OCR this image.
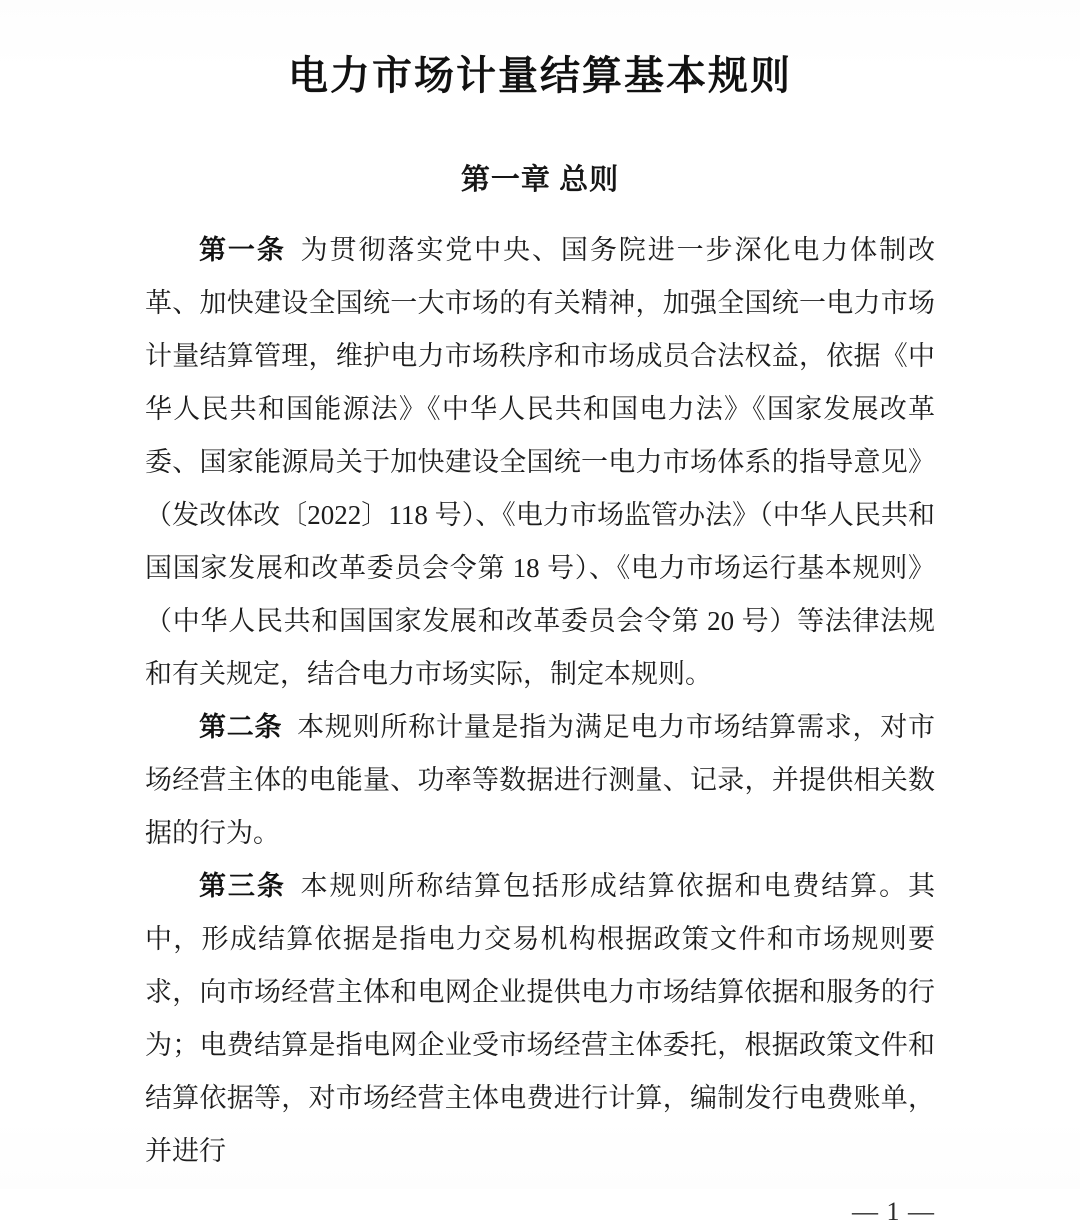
电力市场计量结算基本规则
第一章 总则

第一条 为贯彻落实党中央、国务院进一步深化电力体制改革、加快建设全国统一大市场的有关精神，加强全国统一电力市场计量结算管理，维护电力市场秩序和市场成员合法权益，依据《中华人民共和国能源法》《中华人民共和国电力法》《国家发展改革委、国家能源局关于加快建设全国统一电力市场体系的指导意见》（发改体改〔2022〕118 号）、《电力市场监管办法》（中华人民共和国国家发展和改革委员会令第 18 号）、《电力市场运行基本规则》（中华人民共和国国家发展和改革委员会令第 20 号）等法律法规和有关规定，结合电力市场实际，制定本规则。

第二条 本规则所称计量是指为满足电力市场结算需求，对市场经营主体的电能量、功率等数据进行测量、记录，并提供相关数据的行为。

第三条 本规则所称结算包括形成结算依据和电费结算。其中，形成结算依据是指电力交易机构根据政策文件和市场规则要求，向市场经营主体和电网企业提供电力市场结算依据和服务的行为；电费结算是指电网企业受市场经营主体委托，根据政策文件和结算依据等，对市场经营主体电费进行计算，编制发行电费账单，并进行

— 1 —
